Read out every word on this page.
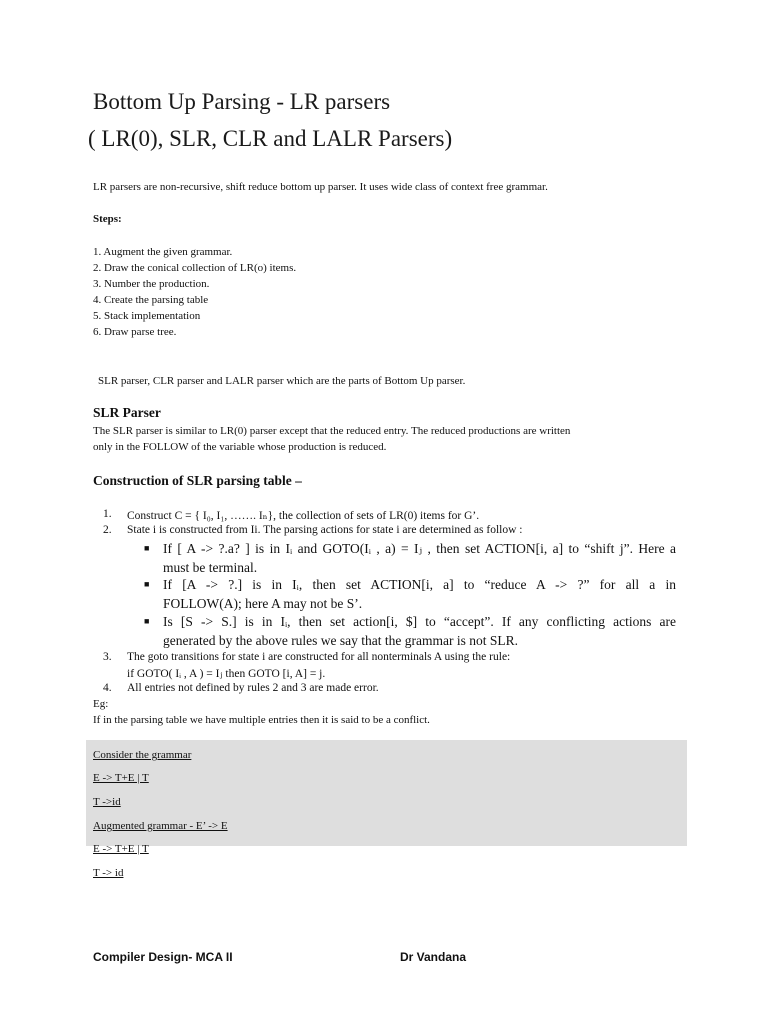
Bottom Up Parsing - LR parsers
( LR(0), SLR, CLR and LALR Parsers)
LR parsers are non-recursive, shift reduce bottom up parser. It uses wide class of context free grammar.
Steps:
1. Augment the given grammar.
2. Draw the conical collection of LR(o) items.
3. Number the production.
4. Create the parsing table
5. Stack implementation
6. Draw parse tree.
SLR parser, CLR parser and LALR parser which are the parts of Bottom Up parser.
SLR Parser
The SLR parser is similar to LR(0) parser except that the reduced entry. The reduced productions are written
only in the FOLLOW of the variable whose production is reduced.
Construction of SLR parsing table –
1. Construct C = { I₀, I₁, ……. Iₙ}, the collection of sets of LR(0) items for G’.
2. State i is constructed from Ii. The parsing actions for state i are determined as follow :
■ If [ A -> ?.a? ] is in Iᵢ and GOTO(Iᵢ , a) = Iⱼ , then set ACTION[i, a] to “shift j”. Here a
must be terminal.
■ If [A -> ?.] is in Iᵢ, then set ACTION[i, a] to “reduce A -> ?” for all a in
FOLLOW(A); here A may not be S’.
■ Is [S -> S.] is in Iᵢ, then set action[i, $] to “accept”. If any conflicting actions are
generated by the above rules we say that the grammar is not SLR.
3. The goto transitions for state i are constructed for all nonterminals A using the rule:
if GOTO( Iᵢ , A ) = Iⱼ then GOTO [i, A] = j.
4. All entries not defined by rules 2 and 3 are made error.
Eg:
If in the parsing table we have multiple entries then it is said to be a conflict.
Consider the grammar
E -> T+E | T
T ->id
Augmented grammar - E’ -> E
E -> T+E | T
T -> id
Compiler Design- MCA II	Dr Vandana
